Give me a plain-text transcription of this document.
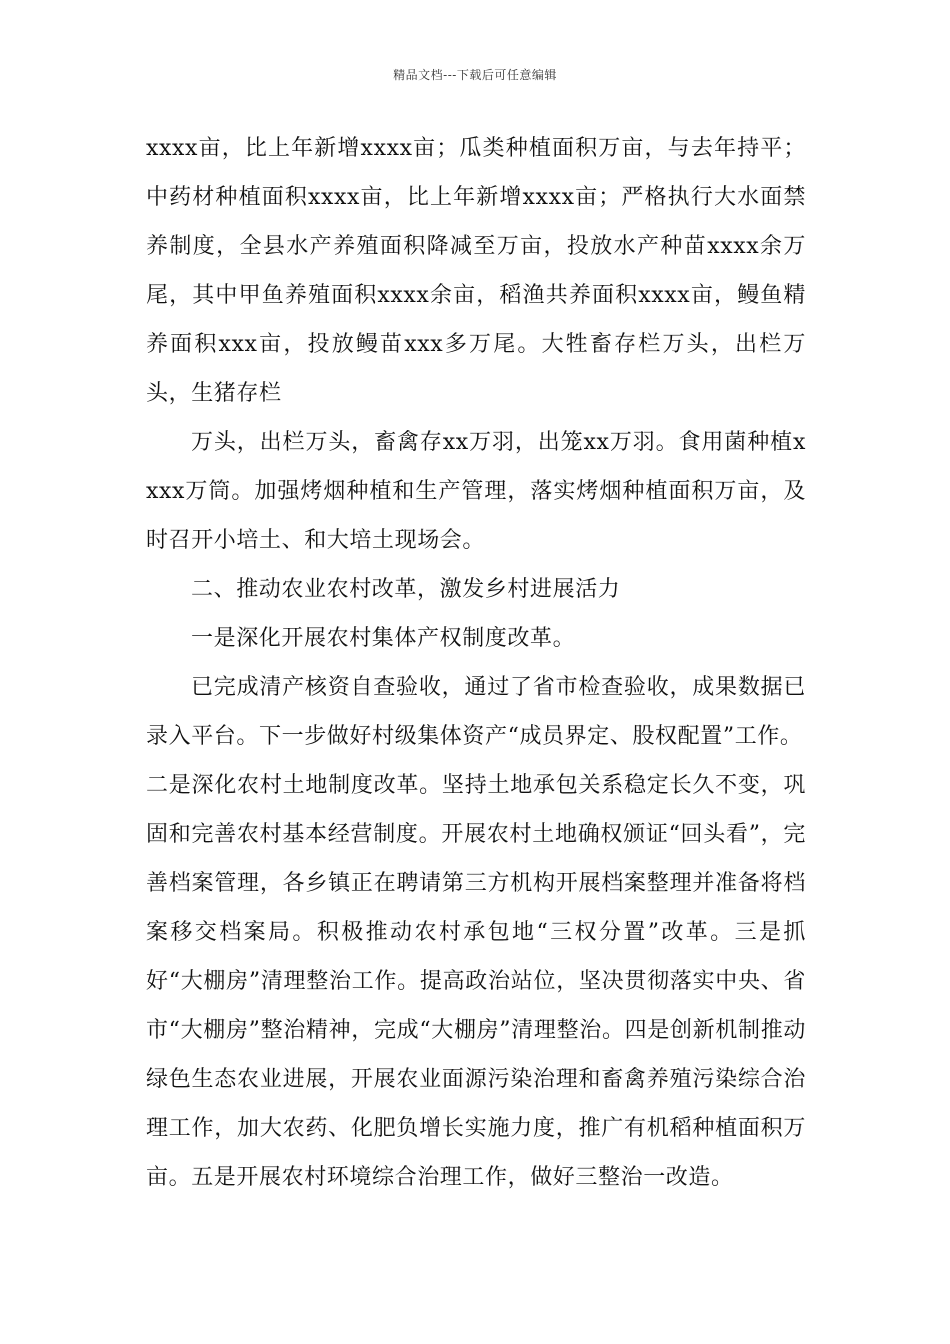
精品文档---下载后可任意编辑

xxxx亩，比上年新增xxxx亩；瓜类种植面积万亩，与去年持平；中药材种植面积xxxx亩，比上年新增xxxx亩；严格执行大水面禁养制度，全县水产养殖面积降减至万亩，投放水产种苗xxxx余万尾，其中甲鱼养殖面积xxxx余亩，稻渔共养面积xxxx亩，鳗鱼精养面积xxx亩，投放鳗苗xxx多万尾。大牲畜存栏万头，出栏万头，生猪存栏

万头，出栏万头，畜禽存xx万羽，出笼xx万羽。食用菌种植xxxx万筒。加强烤烟种植和生产管理，落实烤烟种植面积万亩，及时召开小培土、和大培土现场会。

二、推动农业农村改革，激发乡村进展活力

一是深化开展农村集体产权制度改革。

已完成清产核资自查验收，通过了省市检查验收，成果数据已录入平台。下一步做好村级集体资产“成员界定、股权配置”工作。

二是深化农村土地制度改革。坚持土地承包关系稳定长久不变，巩固和完善农村基本经营制度。开展农村土地确权颁证“回头看”，完善档案管理，各乡镇正在聘请第三方机构开展档案整理并准备将档案移交档案局。积极推动农村承包地“三权分置”改革。三是抓好“大棚房”清理整治工作。提高政治站位，坚决贯彻落实中央、省市“大棚房”整治精神，完成“大棚房”清理整治。四是创新机制推动绿色生态农业进展，开展农业面源污染治理和畜禽养殖污染综合治理工作，加大农药、化肥负增长实施力度，推广有机稻种植面积万亩。五是开展农村环境综合治理工作，做好三整治一改造。
